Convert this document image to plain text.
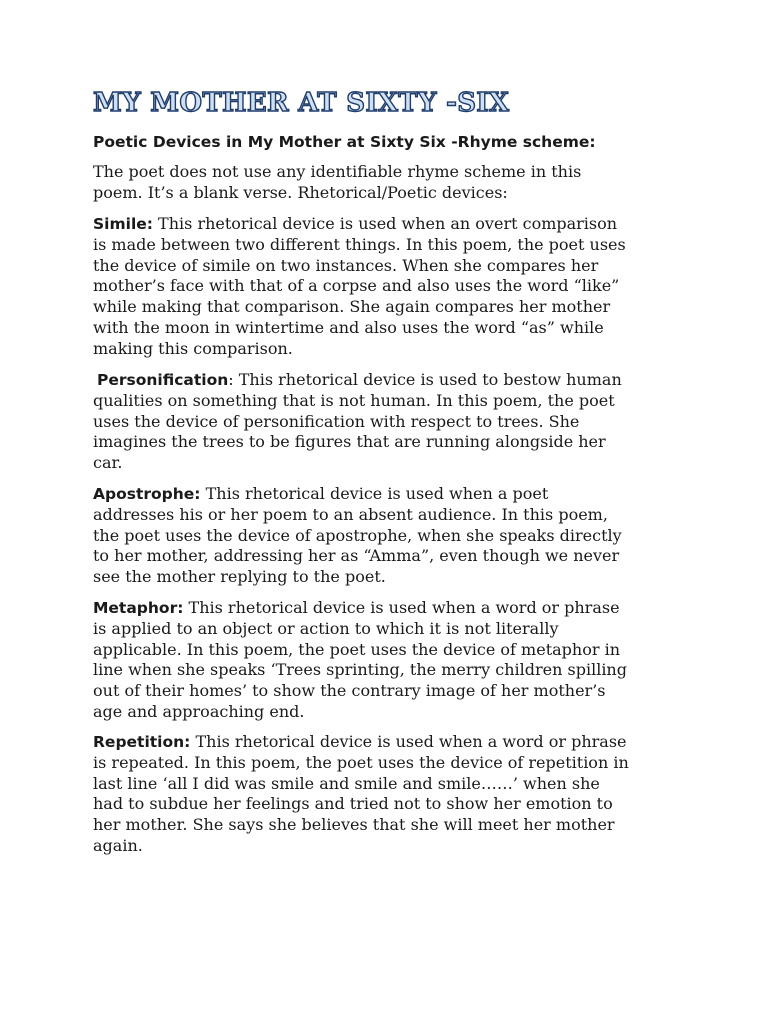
MY MOTHER AT SIXTY -SIX

Poetic Devices in My Mother at Sixty Six -Rhyme scheme:

The poet does not use any identifiable rhyme scheme in this
poem. It’s a blank verse. Rhetorical/Poetic devices:

Simile: This rhetorical device is used when an overt comparison
is made between two different things. In this poem, the poet uses
the device of simile on two instances. When she compares her
mother’s face with that of a corpse and also uses the word “like”
while making that comparison. She again compares her mother
with the moon in wintertime and also uses the word “as” while
making this comparison.

Personification: This rhetorical device is used to bestow human
qualities on something that is not human. In this poem, the poet
uses the device of personification with respect to trees. She
imagines the trees to be figures that are running alongside her
car.

Apostrophe: This rhetorical device is used when a poet
addresses his or her poem to an absent audience. In this poem,
the poet uses the device of apostrophe, when she speaks directly
to her mother, addressing her as “Amma”, even though we never
see the mother replying to the poet.

Metaphor: This rhetorical device is used when a word or phrase
is applied to an object or action to which it is not literally
applicable. In this poem, the poet uses the device of metaphor in
line when she speaks ‘Trees sprinting, the merry children spilling
out of their homes’ to show the contrary image of her mother’s
age and approaching end.

Repetition: This rhetorical device is used when a word or phrase
is repeated. In this poem, the poet uses the device of repetition in
last line ‘all I did was smile and smile and smile……’ when she
had to subdue her feelings and tried not to show her emotion to
her mother. She says she believes that she will meet her mother
again.
